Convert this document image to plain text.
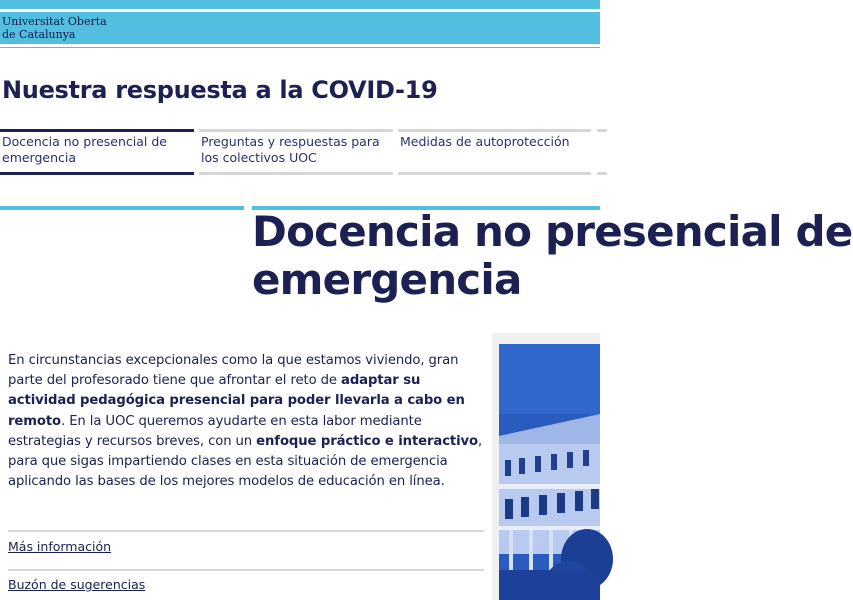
Universitat Oberta
de Catalunya
Nuestra respuesta a la COVID-19
Docencia no presencial de emergencia
Preguntas y respuestas para los colectivos UOC
Medidas de autoprotección
Docencia no presencial de
emergencia

En circunstancias excepcionales como la que estamos viviendo, gran parte del profesorado tiene que afrontar el reto de adaptar su actividad pedagógica presencial para poder llevarla a cabo en remoto. En la UOC queremos ayudarte en esta labor mediante estrategias y recursos breves, con un enfoque práctico e interactivo, para que sigas impartiendo clases en esta situación de emergencia aplicando las bases de los mejores modelos de educación en línea.

Más información
Buzón de sugerencias
